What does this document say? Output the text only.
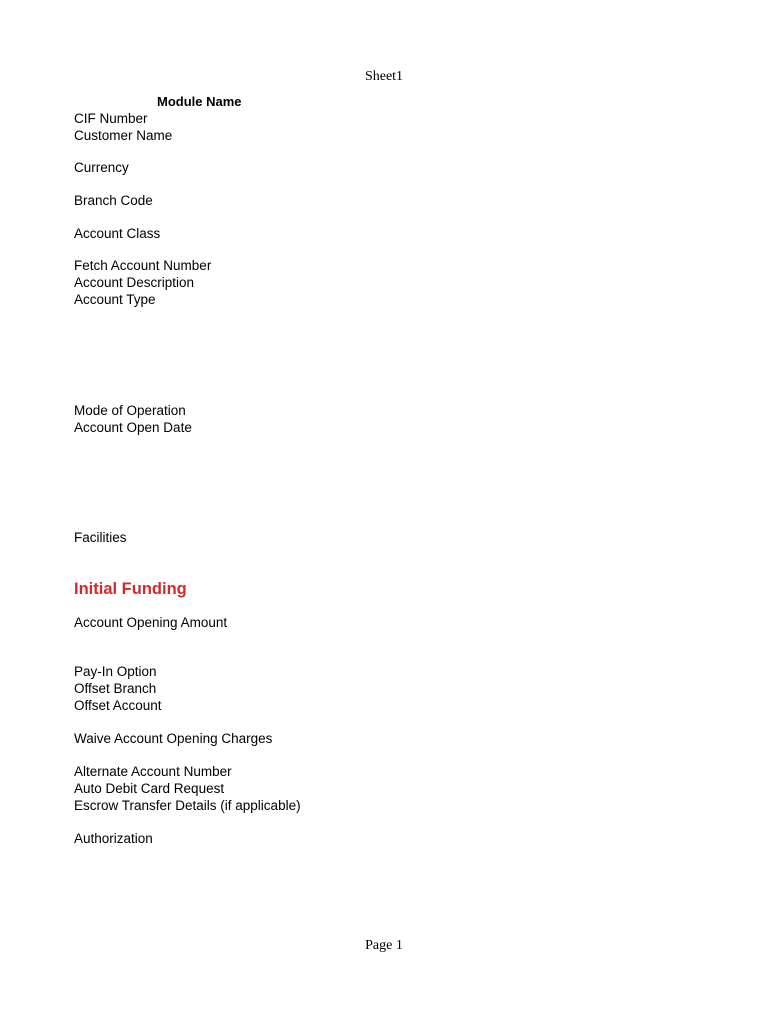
Sheet1
Module Name
CIF Number
Customer Name
Currency
Branch Code
Account Class
Fetch Account Number
Account Description
Account Type
Mode of Operation
Account Open Date
Facilities
Initial Funding
Account Opening Amount
Pay-In Option
Offset Branch
Offset Account
Waive Account Opening Charges
Alternate Account Number
Auto Debit Card Request
Escrow Transfer Details (if applicable)
Authorization
Page 1
